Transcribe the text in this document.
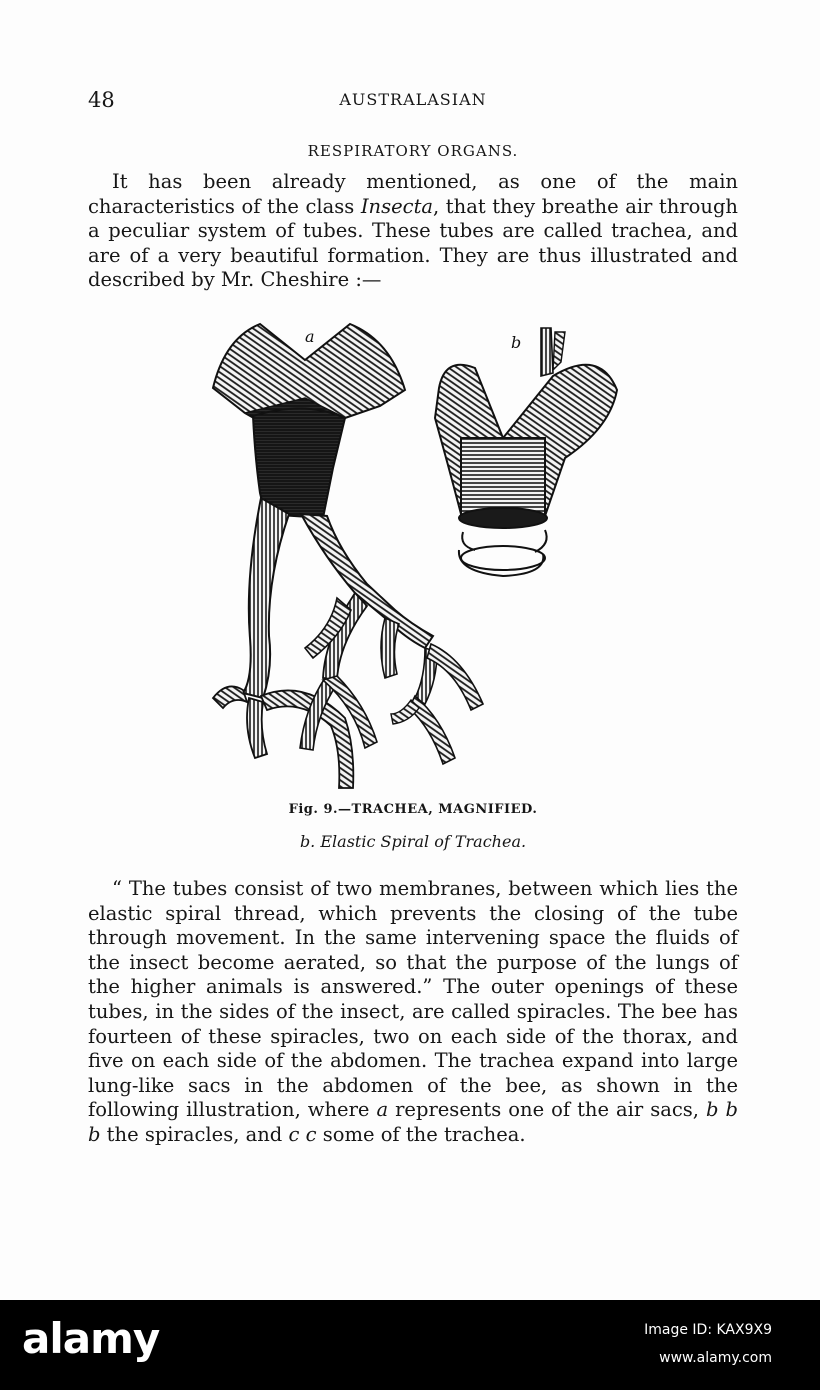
48	AUSTRALASIAN
RESPIRATORY ORGANS.

It has been already mentioned, as one of the main characteristics of the class Insecta, that they breathe air through a peculiar system of tubes. These tubes are called trachea, and are of a very beautiful formation. They are thus illustrated and described by Mr. Cheshire :—

a	b
Fig. 9.—TRACHEA, MAGNIFIED.
b. Elastic Spiral of Trachea.

“ The tubes consist of two membranes, between which lies the elastic spiral thread, which prevents the closing of the tube through movement. In the same intervening space the fluids of the insect become aerated, so that the purpose of the lungs of the higher animals is answered.” The outer openings of these tubes, in the sides of the insect, are called spiracles. The bee has fourteen of these spiracles, two on each side of the thorax, and five on each side of the abdomen. The trachea expand into large lung-like sacs in the abdomen of the bee, as shown in the following illustration, where a represents one of the air sacs, b b b the spiracles, and c c some of the trachea.

alamy	Image ID: KAX9X9
www.alamy.com
